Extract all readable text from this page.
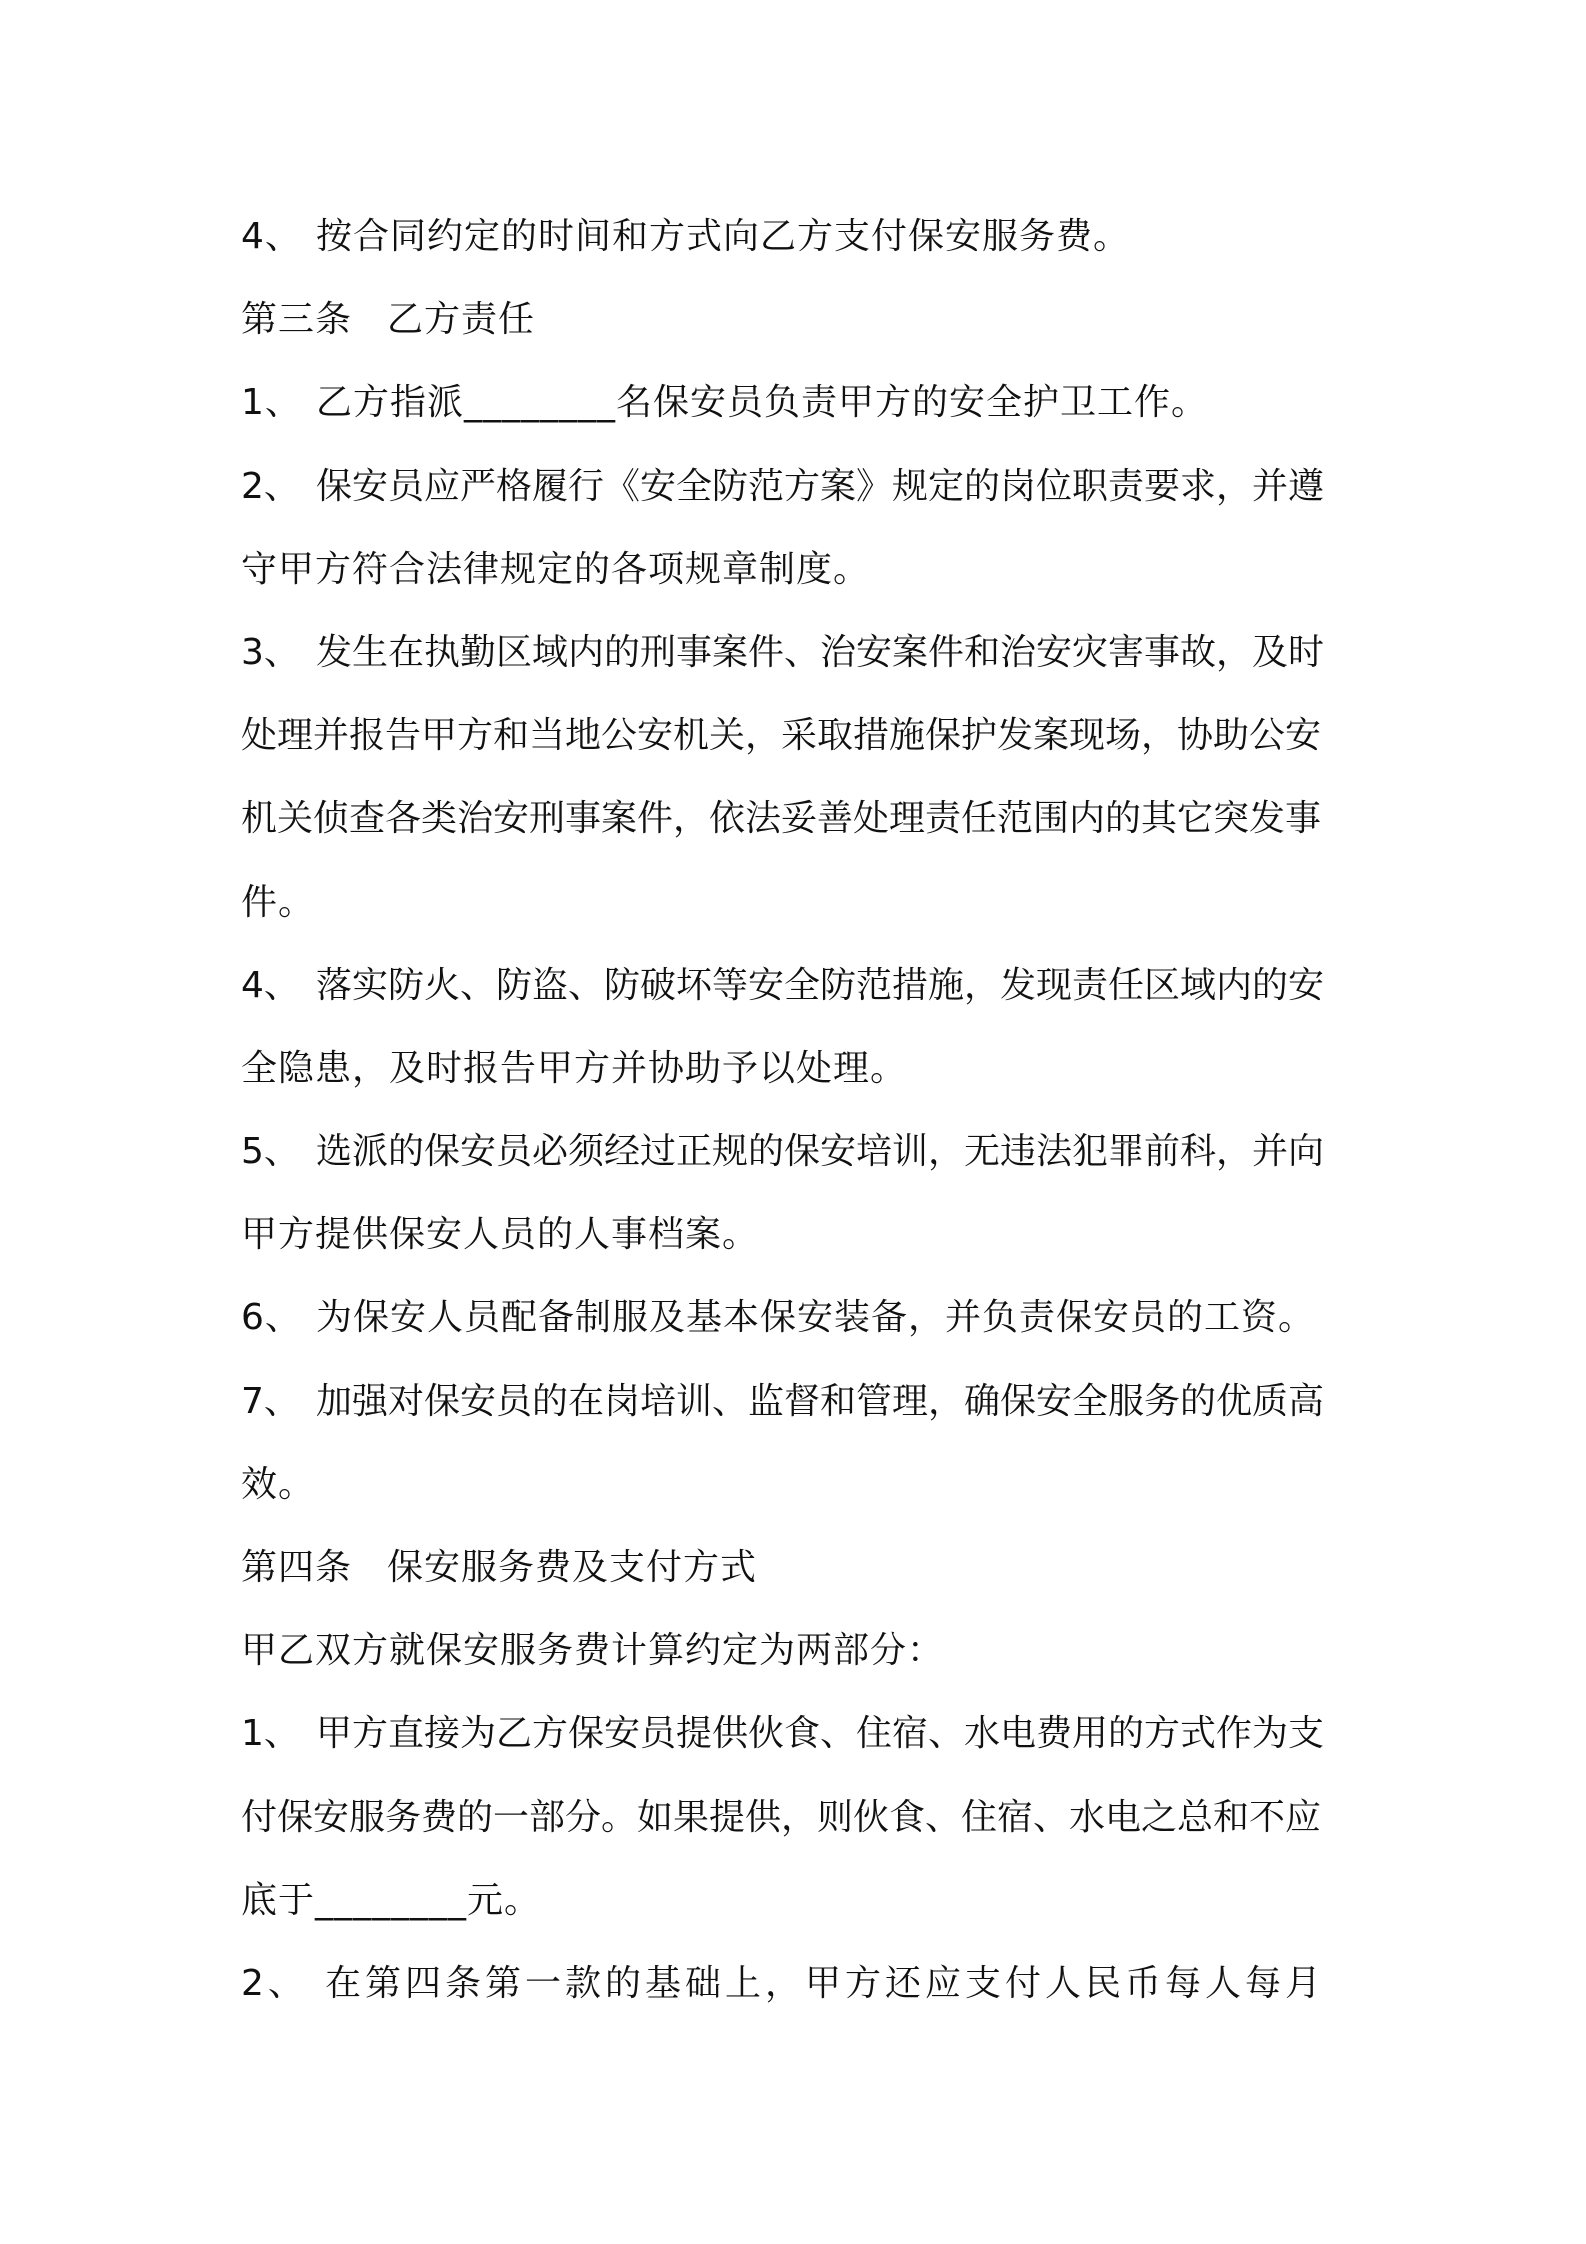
4、 按合同约定的时间和方式向乙方支付保安服务费。
第三条 乙方责任
1、 乙方指派________名保安员负责甲方的安全护卫工作。
2、 保安员应严格履行《安全防范方案》规定的岗位职责要求，并遵
守甲方符合法律规定的各项规章制度。
3、 发生在执勤区域内的刑事案件、治安案件和治安灾害事故，及时
处理并报告甲方和当地公安机关，采取措施保护发案现场，协助公安
机关侦查各类治安刑事案件，依法妥善处理责任范围内的其它突发事
件。
4、 落实防火、防盗、防破坏等安全防范措施，发现责任区域内的安
全隐患，及时报告甲方并协助予以处理。
5、 选派的保安员必须经过正规的保安培训，无违法犯罪前科，并向
甲方提供保安人员的人事档案。
6、 为保安人员配备制服及基本保安装备，并负责保安员的工资。
7、 加强对保安员的在岗培训、监督和管理，确保安全服务的优质高
效。
第四条 保安服务费及支付方式
甲乙双方就保安服务费计算约定为两部分：
1、 甲方直接为乙方保安员提供伙食、住宿、水电费用的方式作为支
付保安服务费的一部分。如果提供，则伙食、住宿、水电之总和不应
底于________元。
2、 在第四条第一款的基础上，甲方还应支付人民币每人每月
